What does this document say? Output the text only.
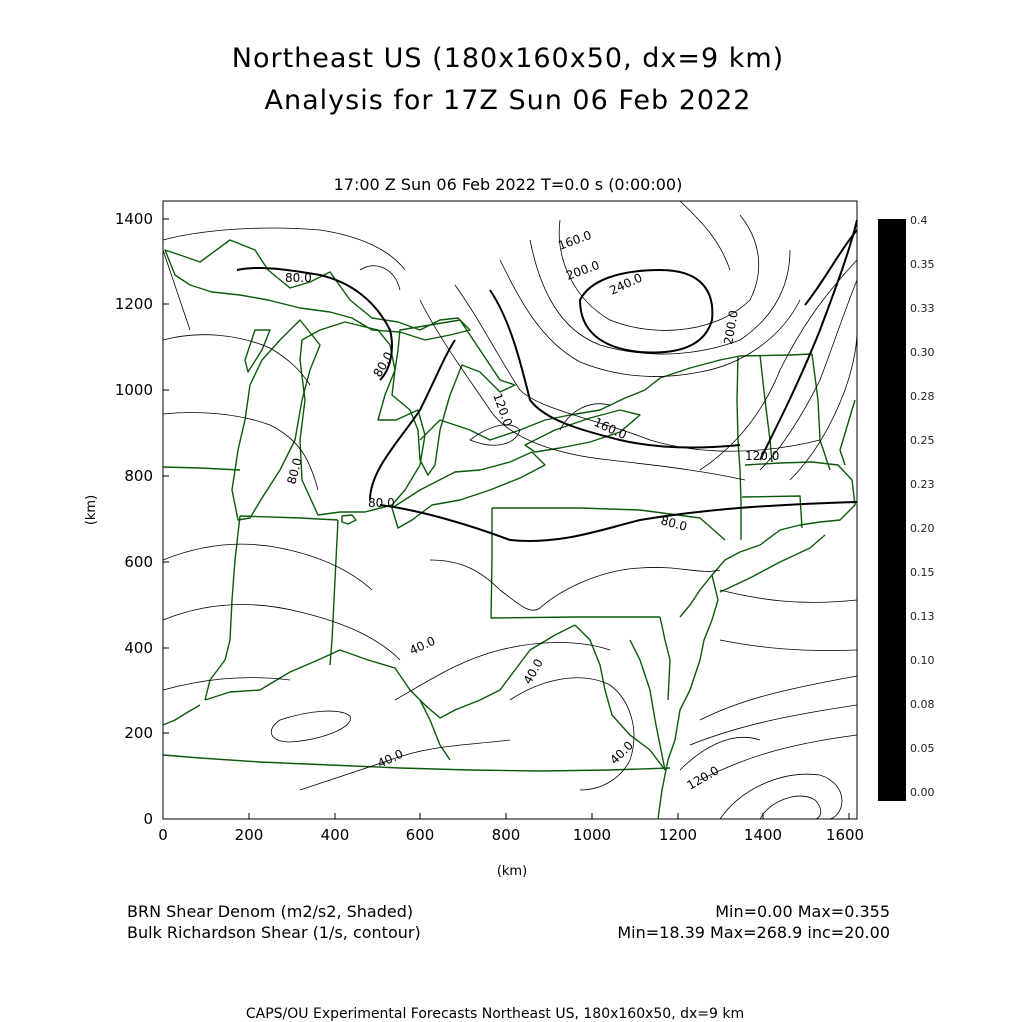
Northeast US (180x160x50, dx=9 km)
Analysis for 17Z Sun 06 Feb 2022
17:00 Z Sun 06 Feb 2022 T=0.0 s (0:00:00)
0	200	400	600	800	1000	1200	1400	1600
0
200
400
600
800
1000
1200
1400
(km)
(km)
80.0
80.0
80.0
80.0
80.0
120.0
120.0
120.0
160.0
160.0
200.0
200.0
240.0
40.0
40.0
40.0	40.0
0.4
0.35
0.33
0.30
0.28
0.25
0.23
0.20
0.15
0.13
0.10
0.08
0.05
0.00
BRN Shear Denom (m2/s2, Shaded)
Bulk Richardson Shear (1/s, contour)
Min=0.00 Max=0.355
Min=18.39 Max=268.9 inc=20.00
CAPS/OU Experimental Forecasts Northeast US, 180x160x50, dx=9 km
